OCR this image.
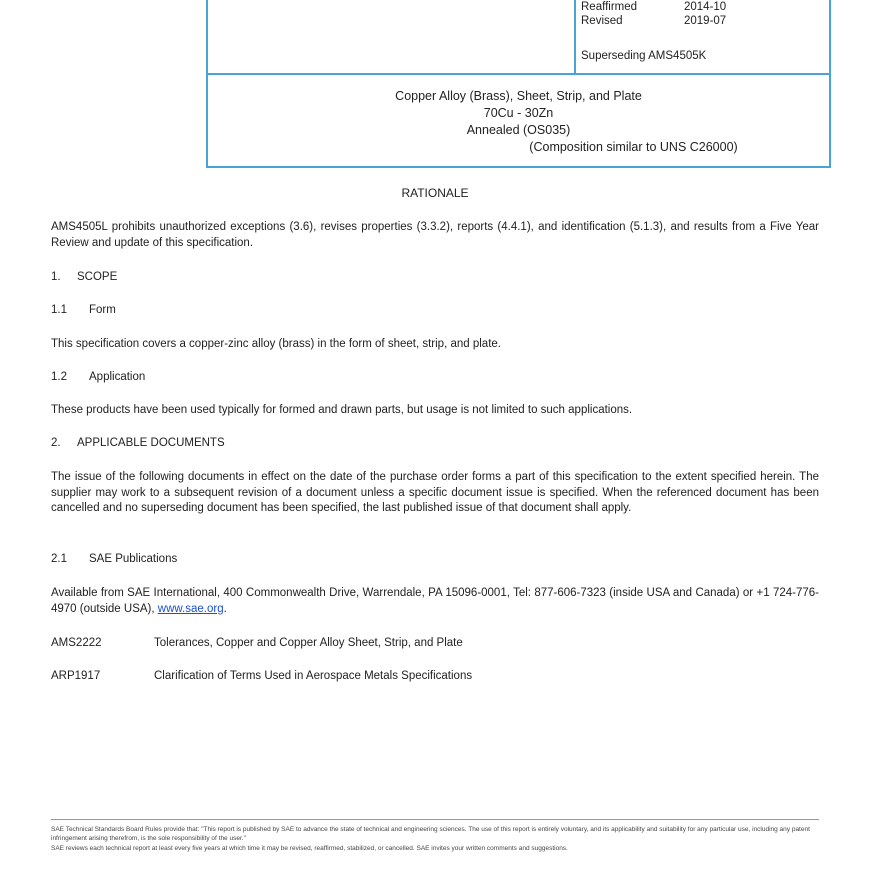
Reaffirmed	2014-10
Revised	2019-07
Superseding AMS4505K
Copper Alloy (Brass), Sheet, Strip, and Plate
70Cu - 30Zn
Annealed (OS035)
(Composition similar to UNS C26000)
RATIONALE
AMS4505L prohibits unauthorized exceptions (3.6), revises properties (3.3.2), reports (4.4.1), and identification (5.1.3), and results from a Five Year Review and update of this specification.
1.	SCOPE
1.1	Form
This specification covers a copper-zinc alloy (brass) in the form of sheet, strip, and plate.
1.2	Application
These products have been used typically for formed and drawn parts, but usage is not limited to such applications.
2.	APPLICABLE DOCUMENTS
The issue of the following documents in effect on the date of the purchase order forms a part of this specification to the extent specified herein. The supplier may work to a subsequent revision of a document unless a specific document issue is specified. When the referenced document has been cancelled and no superseding document has been specified, the last published issue of that document shall apply.
2.1	SAE Publications
Available from SAE International, 400 Commonwealth Drive, Warrendale, PA 15096-0001, Tel: 877-606-7323 (inside USA and Canada) or +1 724-776-4970 (outside USA), www.sae.org.
AMS2222	Tolerances, Copper and Copper Alloy Sheet, Strip, and Plate
ARP1917	Clarification of Terms Used in Aerospace Metals Specifications

SAE Technical Standards Board Rules provide that: "This report is published by SAE to advance the state of technical and engineering sciences. The use of this report is entirely voluntary, and its applicability and suitability for any particular use, including any patent infringement arising therefrom, is the sole responsibility of the user."

SAE reviews each technical report at least every five years at which time it may be revised, reaffirmed, stabilized, or cancelled. SAE invites your written comments and suggestions.
